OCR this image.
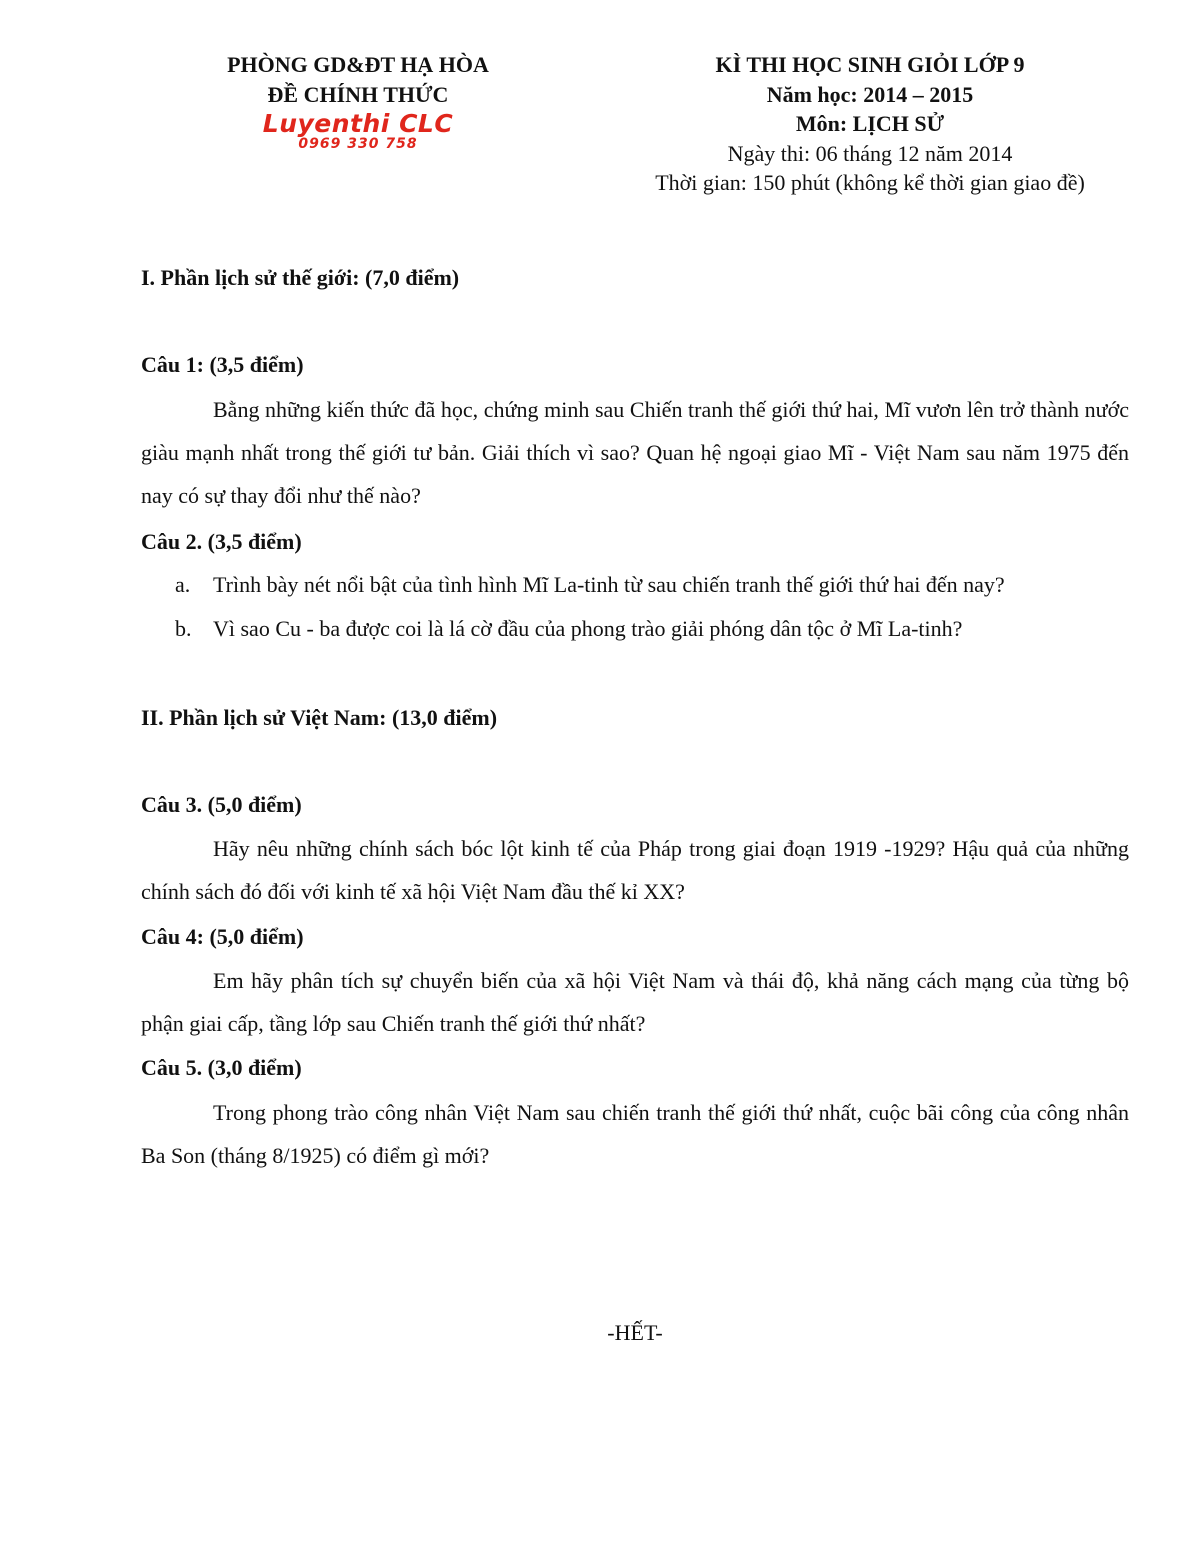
PHÒNG GD&ĐT HẠ HÒA
ĐỀ CHÍNH THỨC
Luyenthi CLC
0969 330 758
KÌ THI HỌC SINH GIỎI LỚP 9
Năm học: 2014 – 2015
Môn: LỊCH SỬ
Ngày thi: 06 tháng 12 năm 2014
Thời gian: 150 phút (không kể thời gian giao đề)
I. Phần lịch sử thế giới: (7,0 điểm)
Câu 1: (3,5 điểm)
Bằng những kiến thức đã học, chứng minh sau Chiến tranh thế giới thứ hai, Mĩ vươn lên trở thành nước giàu mạnh nhất trong thế giới tư bản. Giải thích vì sao? Quan hệ ngoại giao Mĩ - Việt Nam sau năm 1975 đến nay có sự thay đổi như thế nào?
Câu 2. (3,5 điểm)
a. Trình bày nét nổi bật của tình hình Mĩ La-tinh từ sau chiến tranh thế giới thứ hai đến nay?
b. Vì sao Cu - ba được coi là lá cờ đầu của phong trào giải phóng dân tộc ở Mĩ La-tinh?
II. Phần lịch sử Việt Nam: (13,0 điểm)
Câu 3. (5,0 điểm)
Hãy nêu những chính sách bóc lột kinh tế của Pháp trong giai đoạn 1919 -1929? Hậu quả của những chính sách đó đối với kinh tế xã hội Việt Nam đầu thế kỉ XX?
Câu 4: (5,0 điểm)
Em hãy phân tích sự chuyển biến của xã hội Việt Nam và thái độ, khả năng cách mạng của từng bộ phận giai cấp, tầng lớp sau Chiến tranh thế giới thứ nhất?
Câu 5. (3,0 điểm)
Trong phong trào công nhân Việt Nam sau chiến tranh thế giới thứ nhất, cuộc bãi công của công nhân Ba Son (tháng 8/1925) có điểm gì mới?
-HẾT-
